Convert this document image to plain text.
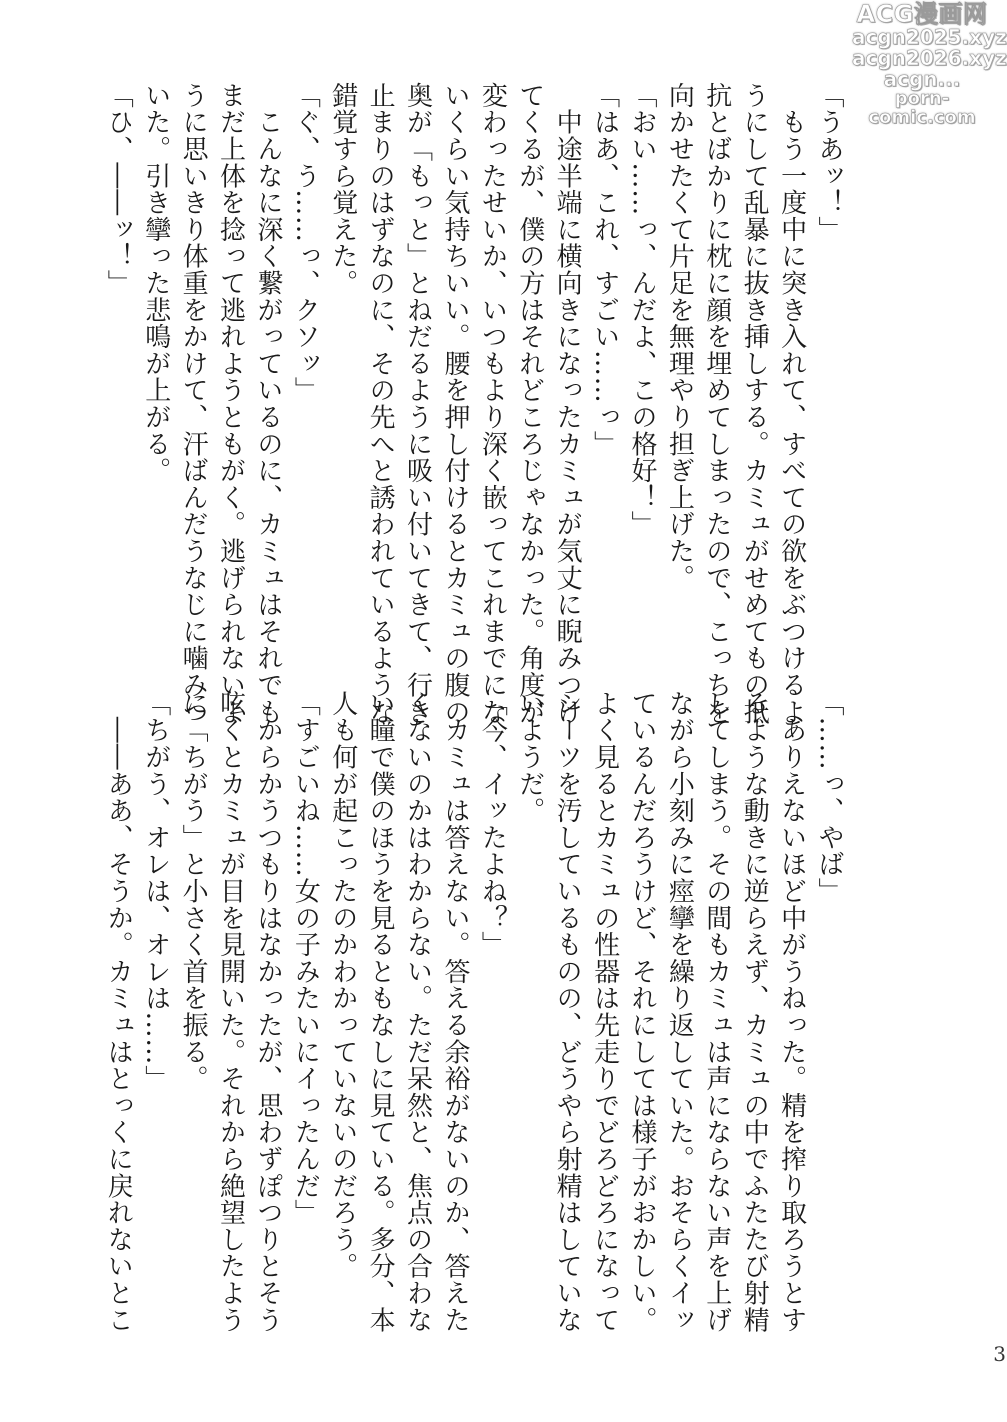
ACG漫画网
acgn2025.xyz
acgn2026.xyz
acgn...
porn-comic.com
「うあッ！」
　もう一度中に突き入れて、すべての欲をぶつけるよ
うにして乱暴に抜き挿しする。カミュがせめてもの抵
抗とばかりに枕に顔を埋めてしまったので、こっちを
向かせたくて片足を無理やり担ぎ上げた。
「おい……っ、んだよ、この格好！」
「はあ、これ、すごい……っ」
　中途半端に横向きになったカミュが気丈に睨みつけ
てくるが、僕の方はそれどころじゃなかった。角度が
変わったせいか、いつもより深く嵌ってこれまでにな
いくらい気持ちいい。腰を押し付けるとカミュの腹の
奥が「もっと」とねだるように吸い付いてきて、行き
止まりのはずなのに、その先へと誘われているような
錯覚すら覚えた。
「ぐ、う……っ、クソッ」
　こんなに深く繋がっているのに、カミュはそれでも
まだ上体を捻って逃れようともがく。逃げられないよ
うに思いきり体重をかけて、汗ばんだうなじに噛みつ
いた。引き攣った悲鳴が上がる。
「ひ、――ッ！」
「……っ、やば」
　ありえないほど中がうねった。精を搾り取ろうとす
るような動きに逆らえず、カミュの中でふたたび射精
してしまう。その間もカミュは声にならない声を上げ
ながら小刻みに痙攣を繰り返していた。おそらくイッ
ているんだろうけど、それにしては様子がおかしい。
よく見るとカミュの性器は先走りでどろどろになって
シーツを汚しているものの、どうやら射精はしていな
いようだ。
「今、イッたよね？」
　カミュは答えない。答える余裕がないのか、答えた
くないのかはわからない。ただ呆然と、焦点の合わな
い瞳で僕のほうを見るともなしに見ている。多分、本
人も何が起こったのかわかっていないのだろう。
「すごいね……女の子みたいにイったんだ」
　からかうつもりはなかったが、思わずぽつりとそう
呟くとカミュが目を見開いた。それから絶望したよう
に「ちがう」と小さく首を振る。
「ちがう、オレは、オレは……」
　――ああ、そうか。カミュはとっくに戻れないとこ
3
